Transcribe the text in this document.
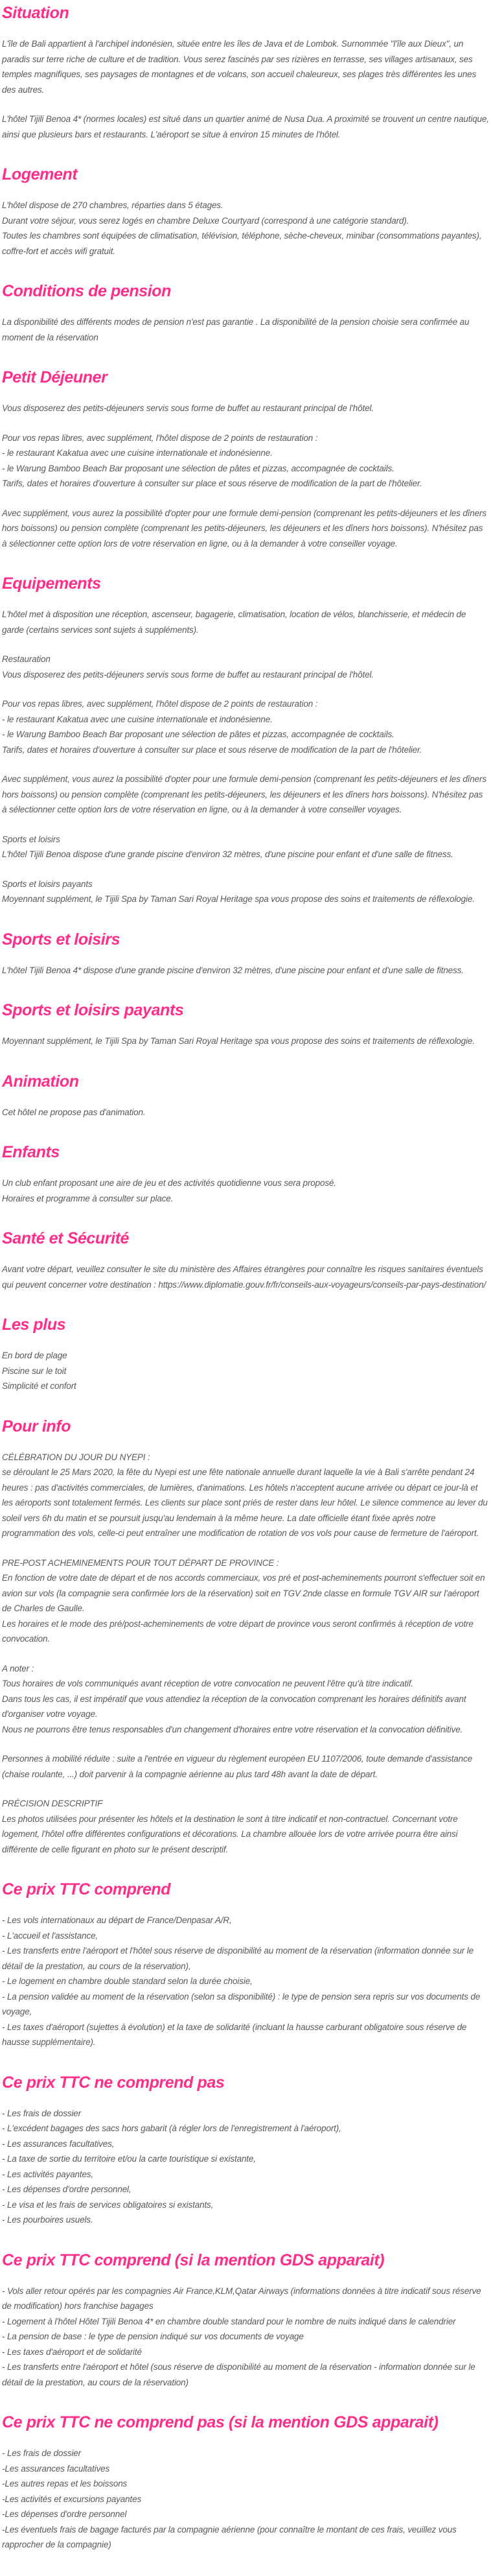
Situation

L'île de Bali appartient à l'archipel indonésien, située entre les îles de Java et de Lombok. Surnommée "l'île aux Dieux", un paradis sur terre riche de culture et de tradition. Vous serez fascinés par ses rizières en terrasse, ses villages artisanaux, ses temples magnifiques, ses paysages de montagnes et de volcans, son accueil chaleureux, ses plages très différentes les unes des autres.

L'hôtel Tijili Benoa 4* (normes locales) est situé dans un quartier animé de Nusa Dua. A proximité se trouvent un centre nautique, ainsi que plusieurs bars et restaurants. L'aéroport se situe à environ 15 minutes de l'hôtel.

Logement

L'hôtel dispose de 270 chambres, réparties dans 5 étages.
Durant votre séjour, vous serez logés en chambre Deluxe Courtyard (correspond à une catégorie standard).
Toutes les chambres sont équipées de climatisation, télévision, téléphone, sèche-cheveux, minibar (consommations payantes), coffre-fort et accès wifi gratuit.

Conditions de pension

La disponibilité des différents modes de pension n'est pas garantie . La disponibilité de la pension choisie sera confirmée au moment de la réservation

Petit Déjeuner

Vous disposerez des petits-déjeuners servis sous forme de buffet au restaurant principal de l'hôtel.

Pour vos repas libres, avec supplément, l'hôtel dispose de 2 points de restauration :
- le restaurant Kakatua avec une cuisine internationale et indonésienne.
- le Warung Bamboo Beach Bar proposant une sélection de pâtes et pizzas, accompagnée de cocktails.
Tarifs, dates et horaires d'ouverture à consulter sur place et sous réserve de modification de la part de l'hôtelier.

Avec supplément, vous aurez la possibilité d'opter pour une formule demi-pension (comprenant les petits-déjeuners et les dîners hors boissons) ou pension complète (comprenant les petits-déjeuners, les déjeuners et les dîners hors boissons). N'hésitez pas à sélectionner cette option lors de votre réservation en ligne, ou à la demander à votre conseiller voyage.

Equipements

L'hôtel met à disposition une réception, ascenseur, bagagerie, climatisation, location de vélos, blanchisserie, et médecin de garde (certains services sont sujets à suppléments).

Restauration
Vous disposerez des petits-déjeuners servis sous forme de buffet au restaurant principal de l'hôtel.

Pour vos repas libres, avec supplément, l'hôtel dispose de 2 points de restauration :
- le restaurant Kakatua avec une cuisine internationale et indonésienne.
- le Warung Bamboo Beach Bar proposant une sélection de pâtes et pizzas, accompagnée de cocktails.
Tarifs, dates et horaires d'ouverture à consulter sur place et sous réserve de modification de la part de l'hôtelier.

Avec supplément, vous aurez la possibilité d'opter pour une formule demi-pension (comprenant les petits-déjeuners et les dîners hors boissons) ou pension complète (comprenant les petits-déjeuners, les déjeuners et les dîners hors boissons). N'hésitez pas à sélectionner cette option lors de votre réservation en ligne, ou à la demander à votre conseiller voyages.

Sports et loisirs
L'hôtel Tijili Benoa dispose d'une grande piscine d'environ 32 mètres, d'une piscine pour enfant et d'une salle de fitness.

Sports et loisirs payants
Moyennant supplément, le Tijili Spa by Taman Sari Royal Heritage spa vous propose des soins et traitements de réflexologie.

Sports et loisirs

L'hôtel Tijili Benoa 4* dispose d'une grande piscine d'environ 32 mètres, d'une piscine pour enfant et d'une salle de fitness.

Sports et loisirs payants

Moyennant supplément, le Tijili Spa by Taman Sari Royal Heritage spa vous propose des soins et traitements de réflexologie.

Animation

Cet hôtel ne propose pas d'animation.

Enfants

Un club enfant proposant une aire de jeu et des activités quotidienne vous sera proposé.
Horaires et programme à consulter sur place.

Santé et Sécurité

Avant votre départ, veuillez consulter le site du ministère des Affaires étrangères pour connaître les risques sanitaires éventuels qui peuvent concerner votre destination : https://www.diplomatie.gouv.fr/fr/conseils-aux-voyageurs/conseils-par-pays-destination/

Les plus

En bord de plage
Piscine sur le toit
Simplicité et confort

Pour info

CÉLÉBRATION DU JOUR DU NYEPI :
se déroulant le 25 Mars 2020, la fête du Nyepi est une fête nationale annuelle durant laquelle la vie à Bali s'arrête pendant 24 heures : pas d'activités commerciales, de lumières, d'animations. Les hôtels n'acceptent aucune arrivée ou départ ce jour-là et les aéroports sont totalement fermés. Les clients sur place sont priés de rester dans leur hôtel. Le silence commence au lever du soleil vers 6h du matin et se poursuit jusqu'au lendemain à la même heure. La date officielle étant fixée après notre programmation des vols, celle-ci peut entraîner une modification de rotation de vos vols pour cause de fermeture de l'aéroport.

PRE-POST ACHEMINEMENTS POUR TOUT DÉPART DE PROVINCE :
En fonction de votre date de départ et de nos accords commerciaux, vos pré et post-acheminements pourront s'effectuer soit en avion sur vols (la compagnie sera confirmée lors de la réservation) soit en TGV 2nde classe en formule TGV AIR sur l'aéroport de Charles de Gaulle.
Les horaires et le mode des pré/post-acheminements de votre départ de province vous seront confirmés à réception de votre convocation.

A noter :
Tous horaires de vols communiqués avant réception de votre convocation ne peuvent l'être qu'à titre indicatif.
Dans tous les cas, il est impératif que vous attendiez la réception de la convocation comprenant les horaires définitifs avant d'organiser votre voyage.
Nous ne pourrons être tenus responsables d'un changement d'horaires entre votre réservation et la convocation définitive.

Personnes à mobilité réduite : suite a l'entrée en vigueur du règlement européen EU 1107/2006, toute demande d'assistance (chaise roulante, ...) doit parvenir à la compagnie aérienne au plus tard 48h avant la date de départ.

PRÉCISION DESCRIPTIF
Les photos utilisées pour présenter les hôtels et la destination le sont à titre indicatif et non-contractuel. Concernant votre logement, l'hôtel offre différentes configurations et décorations. La chambre allouée lors de votre arrivée pourra être ainsi différente de celle figurant en photo sur le présent descriptif.

Ce prix TTC comprend

- Les vols internationaux au départ de France/Denpasar A/R,
- L'accueil et l'assistance,
- Les transferts entre l'aéroport et l'hôtel sous réserve de disponibilité au moment de la réservation (information donnée sur le détail de la prestation, au cours de la réservation),
- Le logement en chambre double standard selon la durée choisie,
- La pension validée au moment de la réservation (selon sa disponibilité) : le type de pension sera repris sur vos documents de voyage,
- Les taxes d'aéroport (sujettes à évolution) et la taxe de solidarité (incluant la hausse carburant obligatoire sous réserve de hausse supplémentaire).

Ce prix TTC ne comprend pas

- Les frais de dossier
- L'excédent bagages des sacs hors gabarit (à régler lors de l'enregistrement à l'aéroport),
- Les assurances facultatives,
- La taxe de sortie du territoire et/ou la carte touristique si existante,
- Les activités payantes,
- Les dépenses d'ordre personnel,
- Le visa et les frais de services obligatoires si existants,
- Les pourboires usuels.

Ce prix TTC comprend (si la mention GDS apparait)

- Vols aller retour opérés par les compagnies Air France,KLM,Qatar Airways (informations données à titre indicatif sous réserve de modification) hors franchise bagages
- Logement à l'hôtel Hôtel Tijili Benoa 4* en chambre double standard pour le nombre de nuits indiqué dans le calendrier
- La pension de base : le type de pension indiqué sur vos documents de voyage
- Les taxes d'aéroport et de solidarité
- Les transferts entre l'aéroport et hôtel (sous réserve de disponibilité au moment de la réservation - information donnée sur le détail de la prestation, au cours de la réservation)

Ce prix TTC ne comprend pas (si la mention GDS apparait)

- Les frais de dossier
-Les assurances facultatives
-Les autres repas et les boissons
-Les activités et excursions payantes
-Les dépenses d'ordre personnel
-Les éventuels frais de bagage facturés par la compagnie aérienne (pour connaître le montant de ces frais, veuillez vous rapprocher de la compagnie)
